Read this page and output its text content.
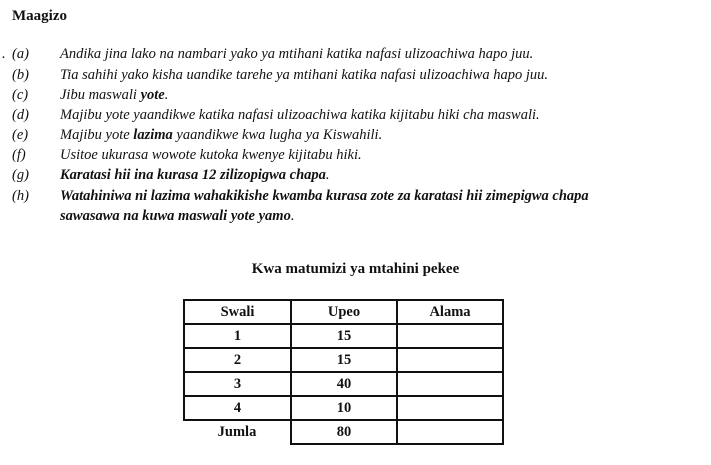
Maagizo
. (a) Andika jina lako na nambari yako ya mtihani katika nafasi ulizoachiwa hapo juu.
(b) Tia sahihi yako kisha uandike tarehe ya mtihani katika nafasi ulizoachiwa hapo juu.
(c) Jibu maswali yote.
(d) Majibu yote yaandikwe katika nafasi ulizoachiwa katika kijitabu hiki cha maswali.
(e) Majibu yote lazima yaandikwe kwa lugha ya Kiswahili.
(f) Usitoe ukurasa wowote kutoka kwenye kijitabu hiki.
(g) Karatasi hii ina kurasa 12 zilizopigwa chapa.
(h) Watahiniwa ni lazima wahakikishe kwamba kurasa zote za karatasi hii zimepigwa chapa
sawasawa na kuwa maswali yote yamo.
Kwa matumizi ya mtahini pekee
Swali	Upeo	Alama
1	15	
2	15	
3	40	
4	10	
Jumla	80	
